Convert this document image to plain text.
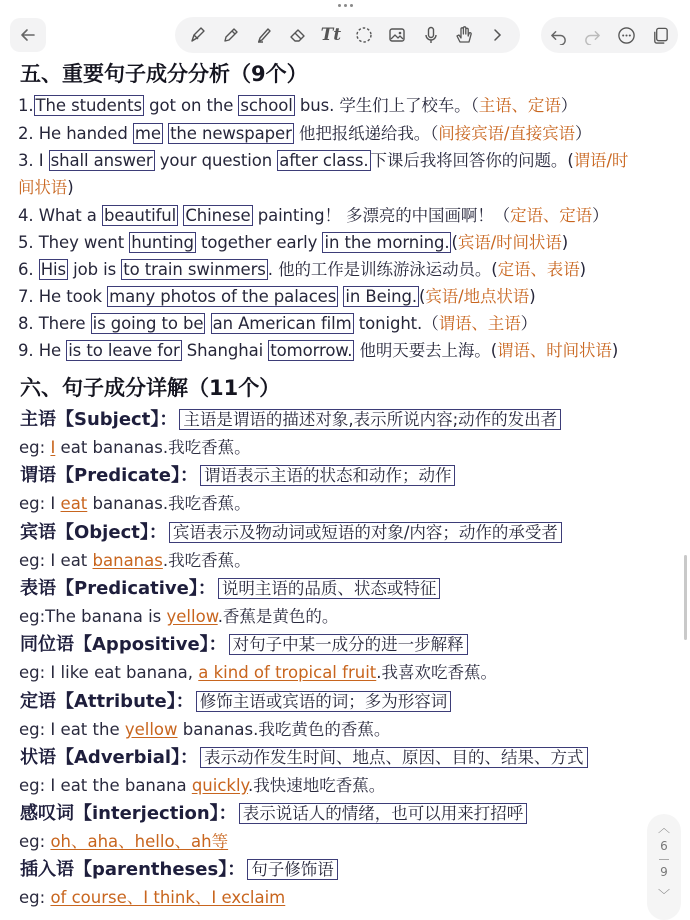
Tt
五、重要句子成分分析（9个）
1. The students got on the school bus. 学生们上了校车。（主语、定语）
2. He handed me the newspaper 他把报纸递给我。（间接宾语/直接宾语）
3. I shall answer your question after class. 下课后我将回答你的问题。(谓语/时
间状语)
4. What a beautiful Chinese painting！ 多漂亮的中国画啊！（定语、定语）
5. They went hunting together early in the morning. (宾语/时间状语)
6. His job is to train swinmers . 他的工作是训练游泳运动员。(定语、表语)
7. He took many photos of the palaces in Being. (宾语/地点状语)
8. There is going to be an American film tonight.（谓语、主语）
9. He is to leave for Shanghai tomorrow. 他明天要去上海。(谓语、时间状语)
六、句子成分详解（11个）
主语【Subject】： 主语是谓语的描述对象,表示所说内容;动作的发出者
eg: I eat bananas.我吃香蕉。
谓语【Predicate】： 谓语表示主语的状态和动作；动作
eg: I eat bananas.我吃香蕉。
宾语【Object】： 宾语表示及物动词或短语的对象/内容；动作的承受者
eg: I eat bananas.我吃香蕉。
表语【Predicative】： 说明主语的品质、状态或特征
eg:The banana is yellow.香蕉是黄色的。
同位语【Appositive】： 对句子中某一成分的进一步解释
eg: I like eat banana, a kind of tropical fruit.我喜欢吃香蕉。
定语【Attribute】： 修饰主语或宾语的词；多为形容词
eg: I eat the yellow bananas.我吃黄色的香蕉。
状语【Adverbial】： 表示动作发生时间、地点、原因、目的、结果、方式
eg: I eat the banana quickly.我快速地吃香蕉。
感叹词【interjection】： 表示说话人的情绪，也可以用来打招呼
eg: oh、aha、hello、ah等
插入语【parentheses】： 句子修饰语
eg: of course、I think、I exclaim
︿
6
9
﹀
